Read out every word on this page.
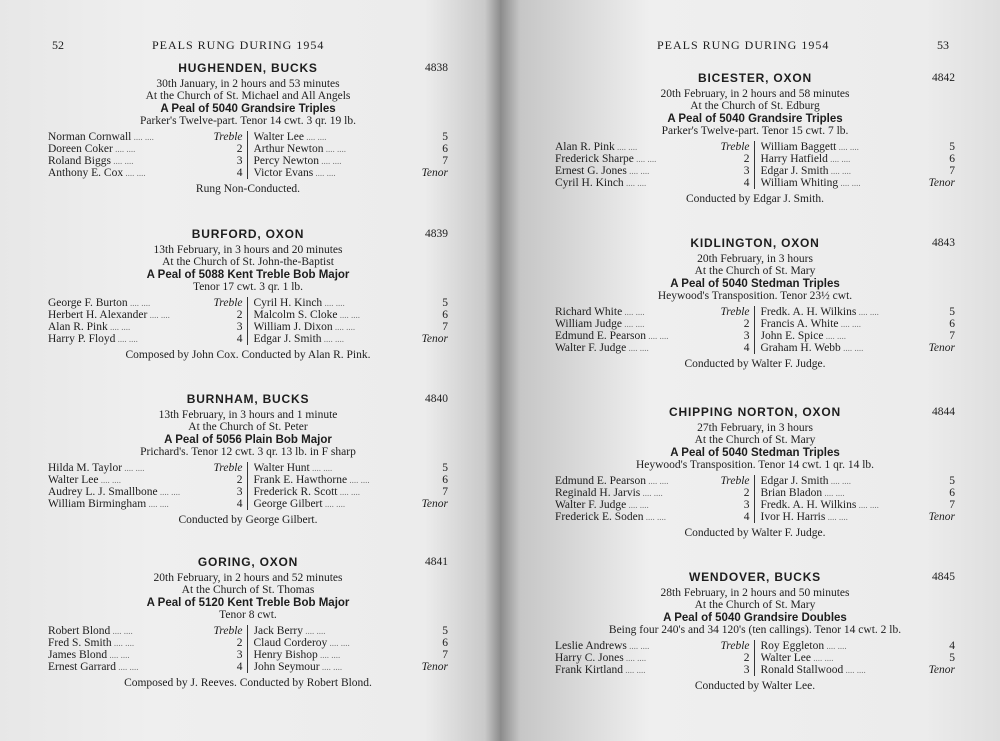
52	PEALS RUNG DURING 1954
HUGHENDEN, BUCKS	4838
30th January, in 2 hours and 53 minutes
At the Church of St. Michael and All Angels
A Peal of 5040 Grandsire Triples
Parker's Twelve-part. Tenor 14 cwt. 3 qr. 19 lb.
Norman Cornwall ....	Treble
Doreen Coker ....	2
Roland Biggs ....	3
Anthony E. Cox ....	4
Walter Lee ....	5
Arthur Newton ....	6
Percy Newton ....	7
Victor Evans ....	Tenor
Rung Non-Conducted.
BURFORD, OXON	4839
13th February, in 3 hours and 20 minutes
At the Church of St. John-the-Baptist
A Peal of 5088 Kent Treble Bob Major
Tenor 17 cwt. 3 qr. 1 lb.
George F. Burton ....	Treble
Herbert H. Alexander ....	2
Alan R. Pink ....	3
Harry P. Floyd ....	4
Cyril H. Kinch ....	5
Malcolm S. Cloke ....	6
William J. Dixon ....	7
Edgar J. Smith ....	Tenor
Composed by John Cox. Conducted by Alan R. Pink.
BURNHAM, BUCKS	4840
13th February, in 3 hours and 1 minute
At the Church of St. Peter
A Peal of 5056 Plain Bob Major
Prichard's. Tenor 12 cwt. 3 qr. 13 lb. in F sharp
Hilda M. Taylor ....	Treble
Walter Lee ....	2
Audrey L. J. Smallbone ....	3
William Birmingham ....	4
Walter Hunt ....	5
Frank E. Hawthorne ....	6
Frederick R. Scott ....	7
George Gilbert ....	Tenor
Conducted by George Gilbert.
GORING, OXON	4841
20th February, in 2 hours and 52 minutes
At the Church of St. Thomas
A Peal of 5120 Kent Treble Bob Major
Tenor 8 cwt.
Robert Blond ....	Treble
Fred S. Smith ....	2
James Blond ....	3
Ernest Garrard ....	4
Jack Berry ....	5
Claud Corderoy ....	6
Henry Bishop ....	7
John Seymour ....	Tenor
Composed by J. Reeves. Conducted by Robert Blond.
PEALS RUNG DURING 1954	53
BICESTER, OXON	4842
20th February, in 2 hours and 58 minutes
At the Church of St. Edburg
A Peal of 5040 Grandsire Triples
Parker's Twelve-part. Tenor 15 cwt. 7 lb.
Alan R. Pink ....	Treble
Frederick Sharpe ....	2
Ernest G. Jones ....	3
Cyril H. Kinch ....	4
William Baggett ....	5
Harry Hatfield ....	6
Edgar J. Smith ....	7
William Whiting ....	Tenor
Conducted by Edgar J. Smith.
KIDLINGTON, OXON	4843
20th February, in 3 hours
At the Church of St. Mary
A Peal of 5040 Stedman Triples
Heywood's Transposition. Tenor 23½ cwt.
Richard White ....	Treble
William Judge ....	2
Edmund E. Pearson ....	3
Walter F. Judge ....	4
Fredk. A. H. Wilkins ....	5
Francis A. White ....	6
John E. Spice ....	7
Graham H. Webb ....	Tenor
Conducted by Walter F. Judge.
CHIPPING NORTON, OXON	4844
27th February, in 3 hours
At the Church of St. Mary
A Peal of 5040 Stedman Triples
Heywood's Transposition. Tenor 14 cwt. 1 qr. 14 lb.
Edmund E. Pearson ....	Treble
Reginald H. Jarvis ....	2
Walter F. Judge ....	3
Frederick E. Soden ....	4
Edgar J. Smith ....	5
Brian Bladon ....	6
Fredk. A. H. Wilkins ....	7
Ivor H. Harris ....	Tenor
Conducted by Walter F. Judge.
WENDOVER, BUCKS	4845
28th February, in 2 hours and 50 minutes
At the Church of St. Mary
A Peal of 5040 Grandsire Doubles
Being four 240's and 34 120's (ten callings). Tenor 14 cwt. 2 lb.
Leslie Andrews ....	Treble
Harry C. Jones ....	2
Frank Kirtland ....	3
Roy Eggleton ....	4
Walter Lee ....	5
Ronald Stallwood ....	Tenor
Conducted by Walter Lee.
